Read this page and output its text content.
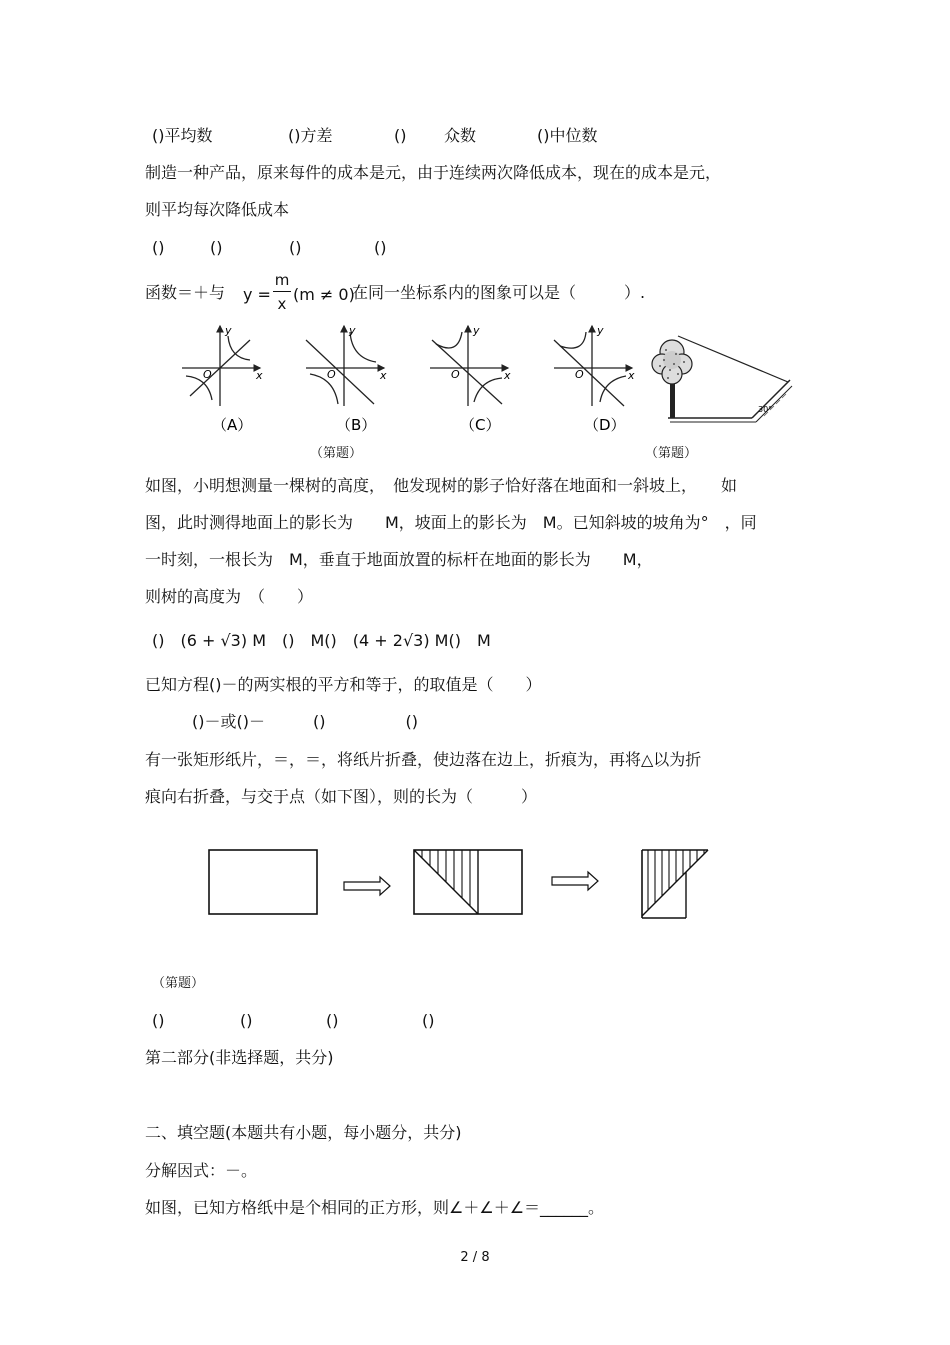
()平均数	()方差	() 众数	()中位数
制造一种产品，原来每件的成本是元，由于连续两次降低成本，现在的成本是元，
则平均每次降低成本
()	()	()	()
函数＝＋与 y =
m
x (m ≠ 0)
在同一坐标系内的图象可以是（　　　）.
O	x
y
（A）
O	x
y
（B）
O	x
y
（C）
O	x
y
（D）
30°
（第题）	（第题）
如图，小明想测量一棵树的高度，　他发现树的影子恰好落在地面和一斜坡上，　　如
图，此时测得地面上的影长为　　M，坡面上的影长为　M。已知斜坡的坡角为°　，同
一时刻，一根长为　M，垂直于地面放置的标杆在地面的影长为　　M，
则树的高度为　（　　）
()　(6 + √3) M　()　M()　(4 + 2√3) M()　M
已知方程()－的两实根的平方和等于，的取值是（　　）
()－或()－　　　()　　　　　()
有一张矩形纸片，＝，＝，将纸片折叠，使边落在边上，折痕为，再将△以为折
痕向右折叠，与交于点（如下图），则的长为（　　　）
（第题）
()	()	()	()
第二部分(非选择题，共分)
二、填空题(本题共有小题，每小题分，共分)
分解因式：－。
如图，已知方格纸中是个相同的正方形，则∠＋∠＋∠＝______。
2 / 8
